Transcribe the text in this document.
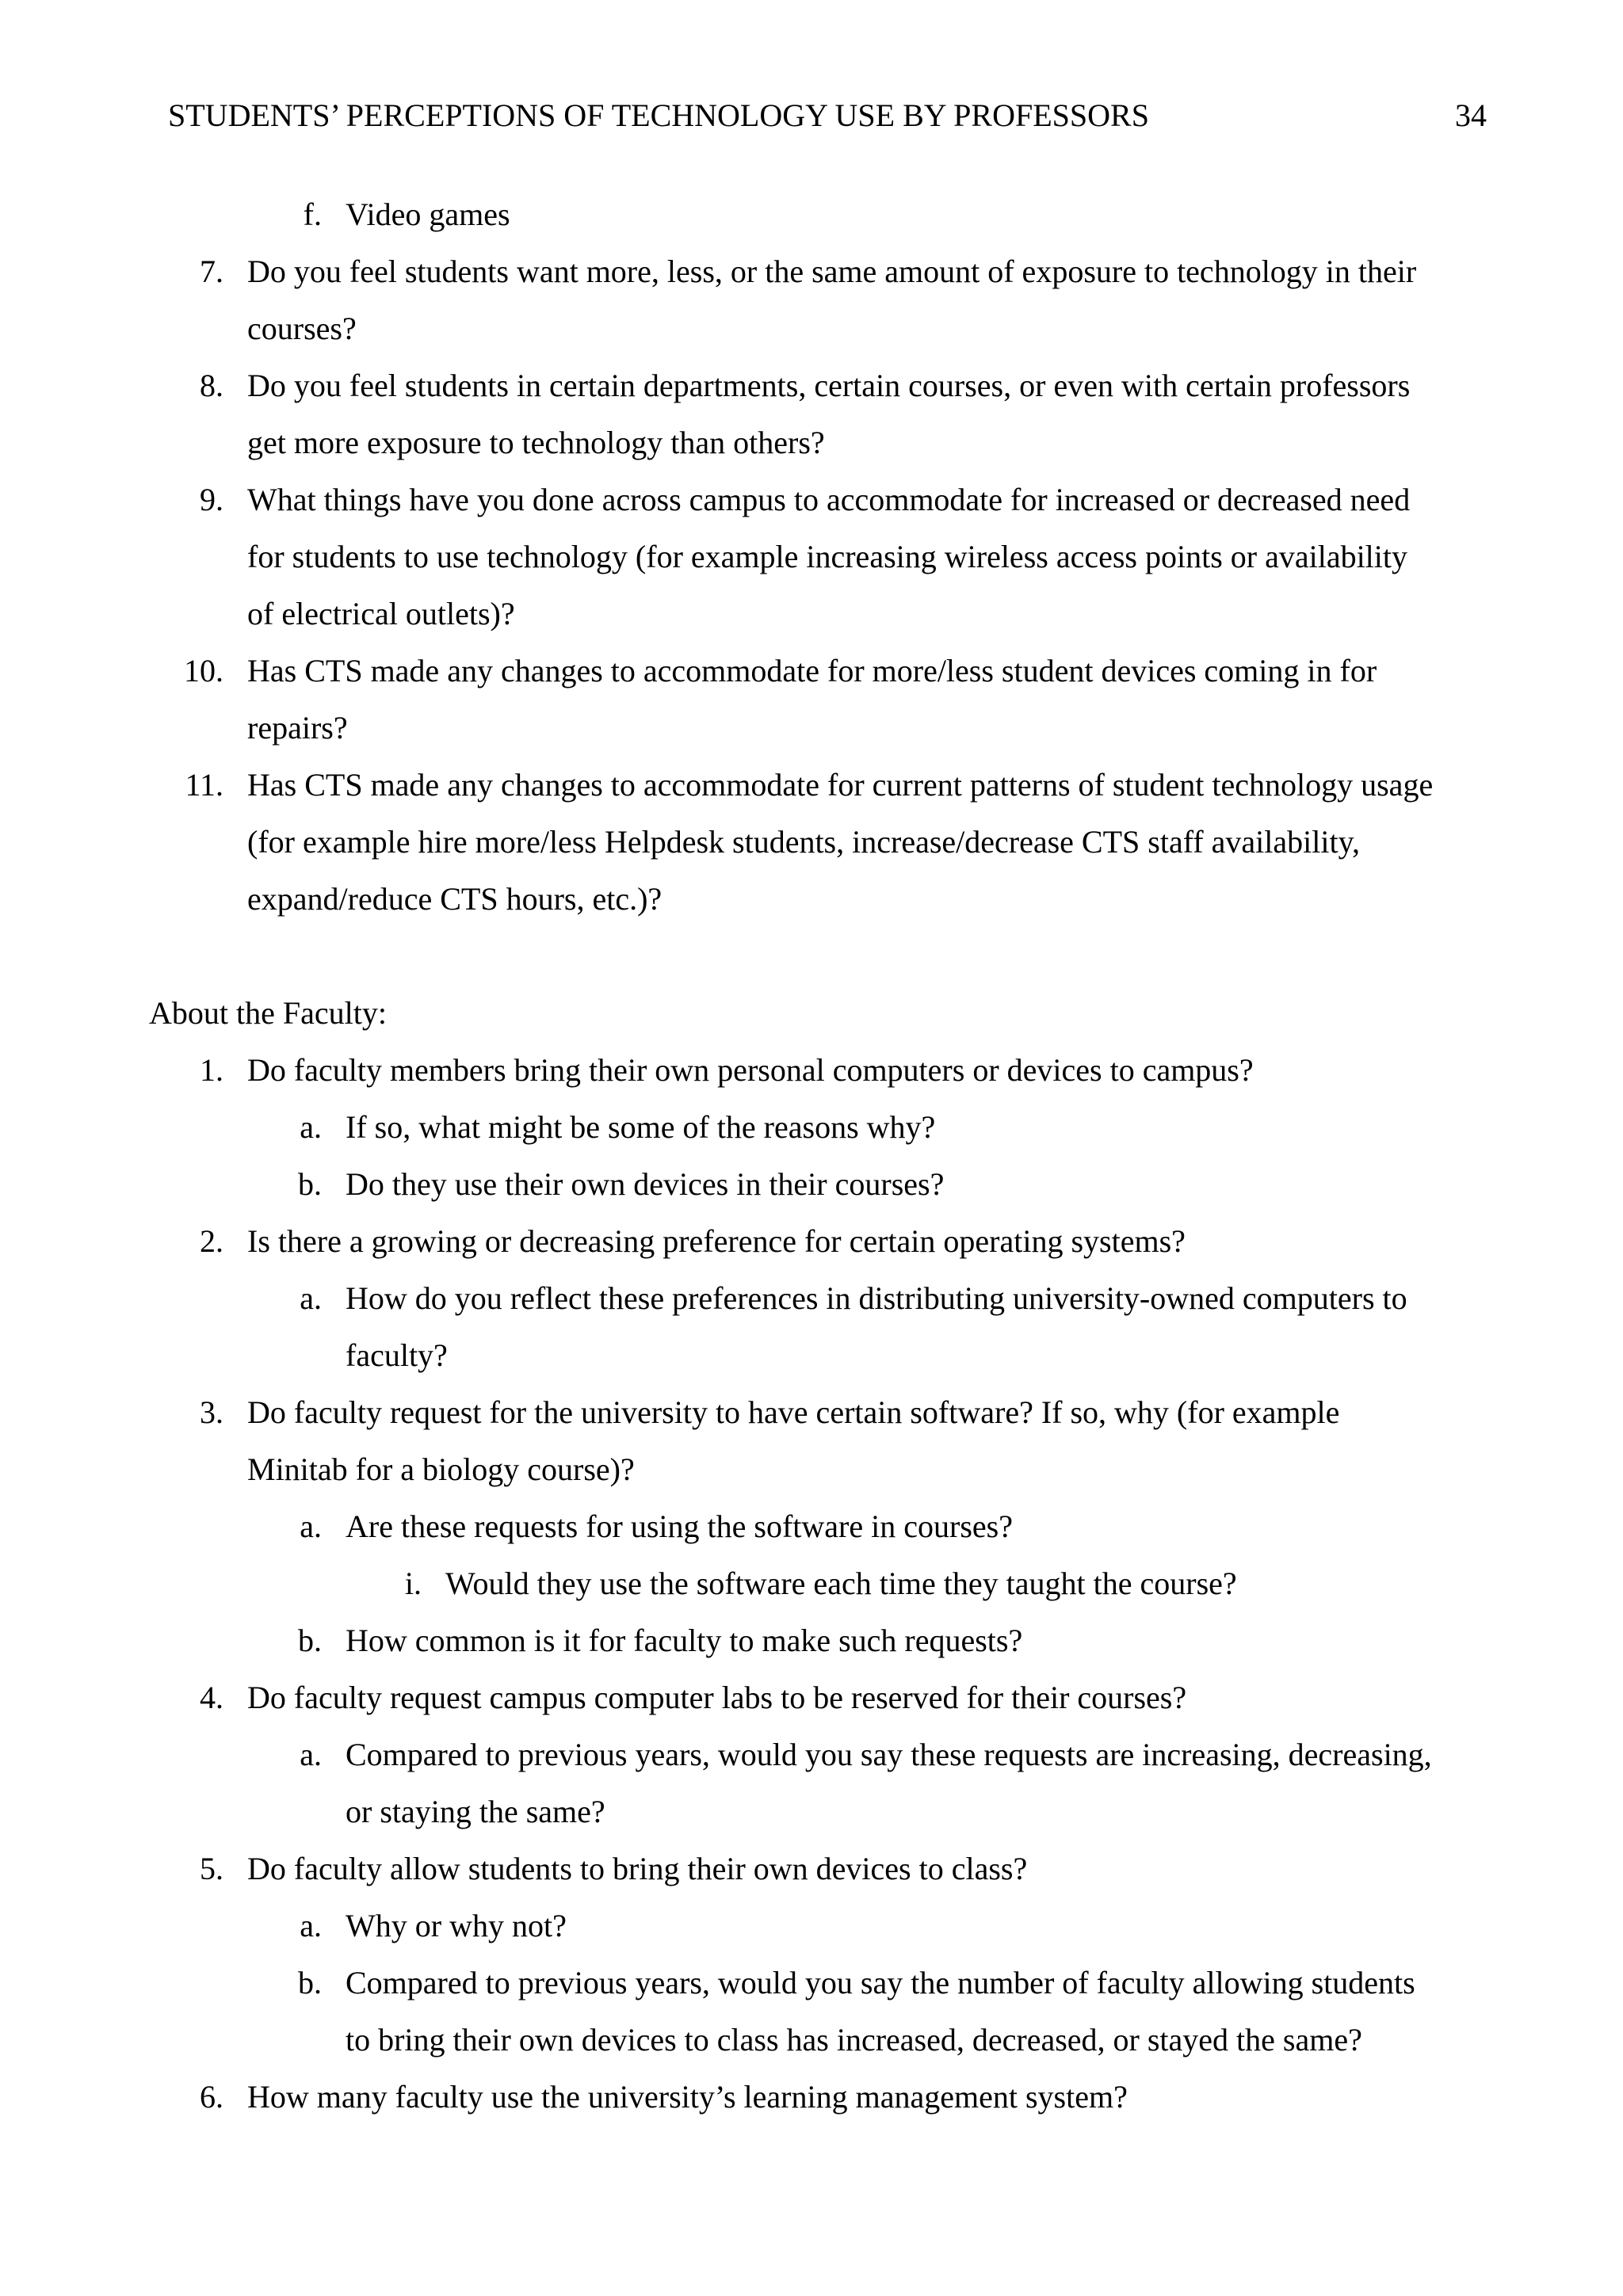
STUDENTS’ PERCEPTIONS OF TECHNOLOGY USE BY PROFESSORS	34
f. Video games
7. Do you feel students want more, less, or the same amount of exposure to technology in their
courses?
8. Do you feel students in certain departments, certain courses, or even with certain professors
get more exposure to technology than others?
9. What things have you done across campus to accommodate for increased or decreased need
for students to use technology (for example increasing wireless access points or availability
of electrical outlets)?
10. Has CTS made any changes to accommodate for more/less student devices coming in for
repairs?
11. Has CTS made any changes to accommodate for current patterns of student technology usage
(for example hire more/less Helpdesk students, increase/decrease CTS staff availability,
expand/reduce CTS hours, etc.)?
About the Faculty:
1. Do faculty members bring their own personal computers or devices to campus?
a. If so, what might be some of the reasons why?
b. Do they use their own devices in their courses?
2. Is there a growing or decreasing preference for certain operating systems?
a. How do you reflect these preferences in distributing university-owned computers to
faculty?
3. Do faculty request for the university to have certain software? If so, why (for example
Minitab for a biology course)?
a. Are these requests for using the software in courses?
i. Would they use the software each time they taught the course?
b. How common is it for faculty to make such requests?
4. Do faculty request campus computer labs to be reserved for their courses?
a. Compared to previous years, would you say these requests are increasing, decreasing,
or staying the same?
5. Do faculty allow students to bring their own devices to class?
a. Why or why not?
b. Compared to previous years, would you say the number of faculty allowing students
to bring their own devices to class has increased, decreased, or stayed the same?
6. How many faculty use the university’s learning management system?
